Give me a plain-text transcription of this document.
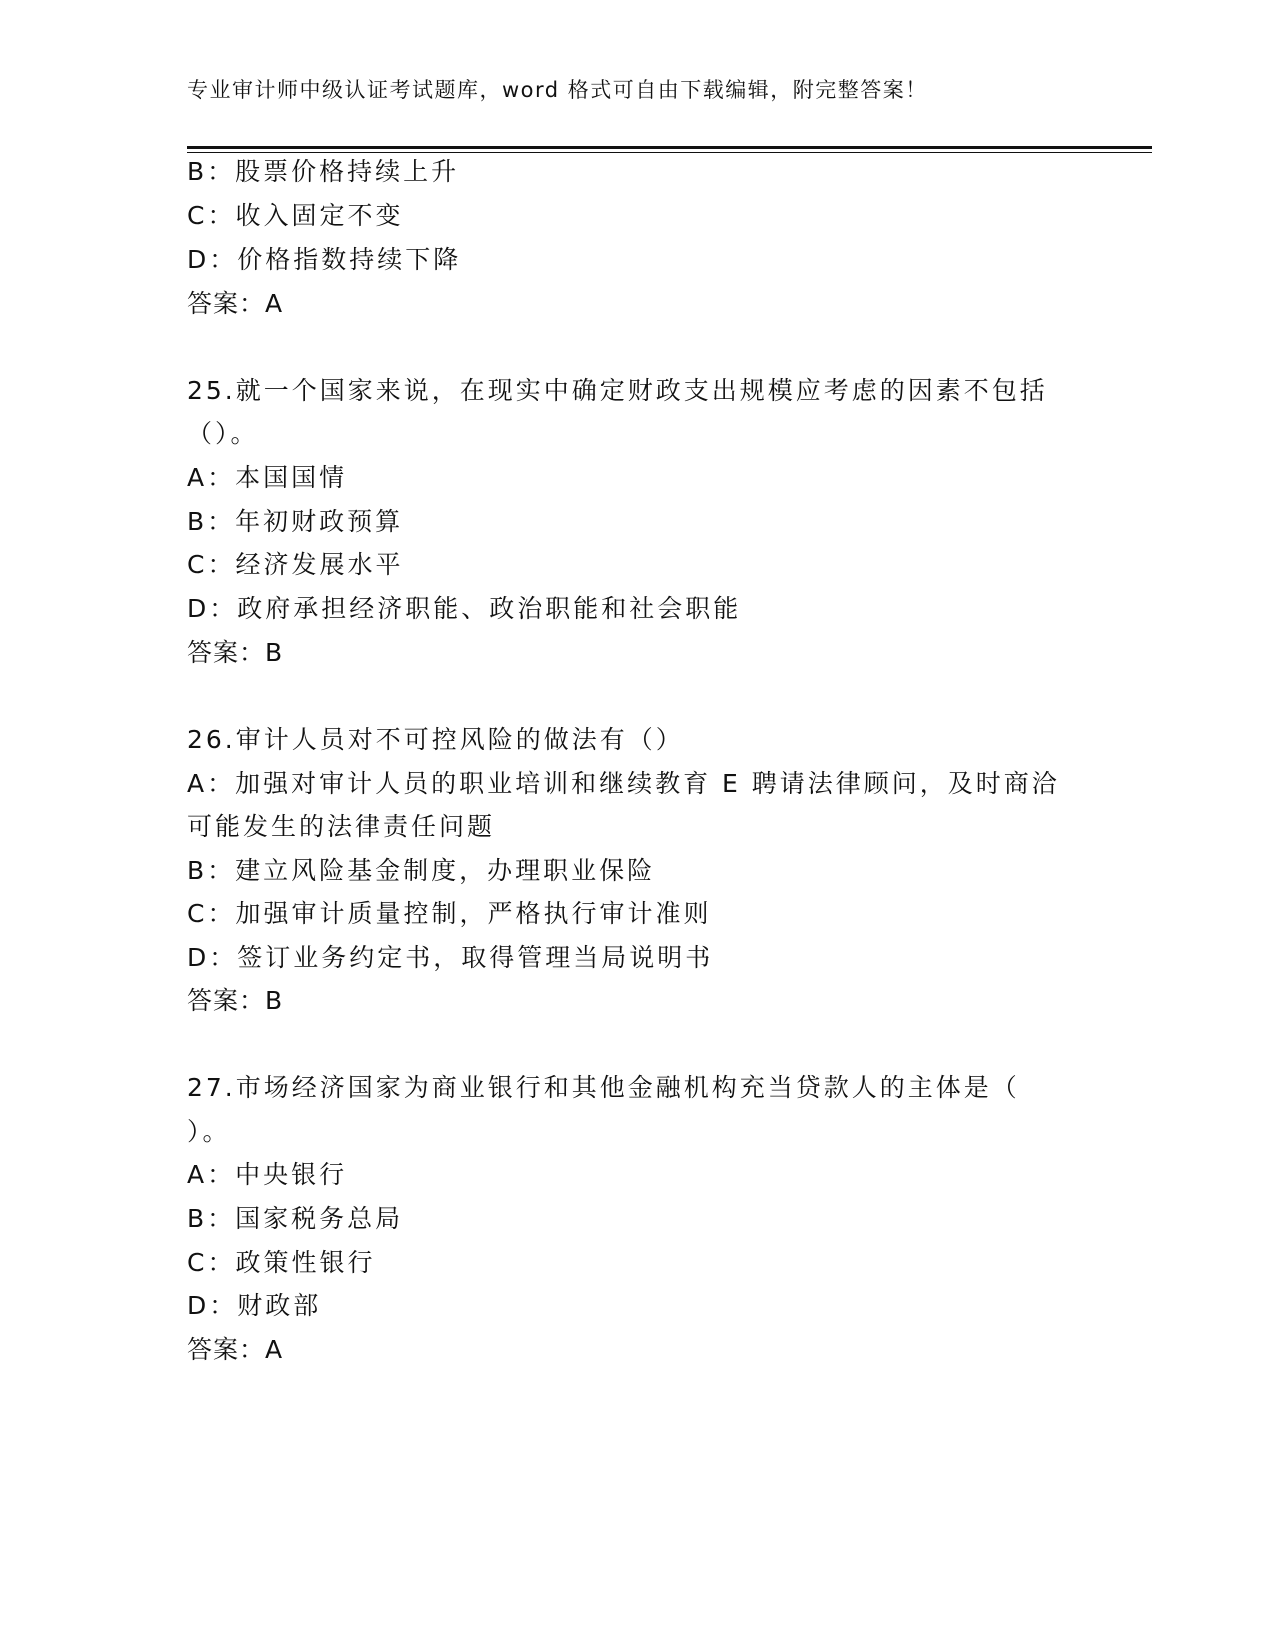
专业审计师中级认证考试题库，word 格式可自由下载编辑，附完整答案！
B：股票价格持续上升
C：收入固定不变
D：价格指数持续下降
答案：A
25.就一个国家来说，在现实中确定财政支出规模应考虑的因素不包括
（）。
A：本国国情
B：年初财政预算
C：经济发展水平
D：政府承担经济职能、政治职能和社会职能
答案：B
26.审计人员对不可控风险的做法有（）
A：加强对审计人员的职业培训和继续教育 E 聘请法律顾问，及时商洽
可能发生的法律责任问题
B：建立风险基金制度，办理职业保险
C：加强审计质量控制，严格执行审计准则
D：签订业务约定书，取得管理当局说明书
答案：B
27.市场经济国家为商业银行和其他金融机构充当贷款人的主体是（
）。
A：中央银行
B：国家税务总局
C：政策性银行
D：财政部
答案：A
